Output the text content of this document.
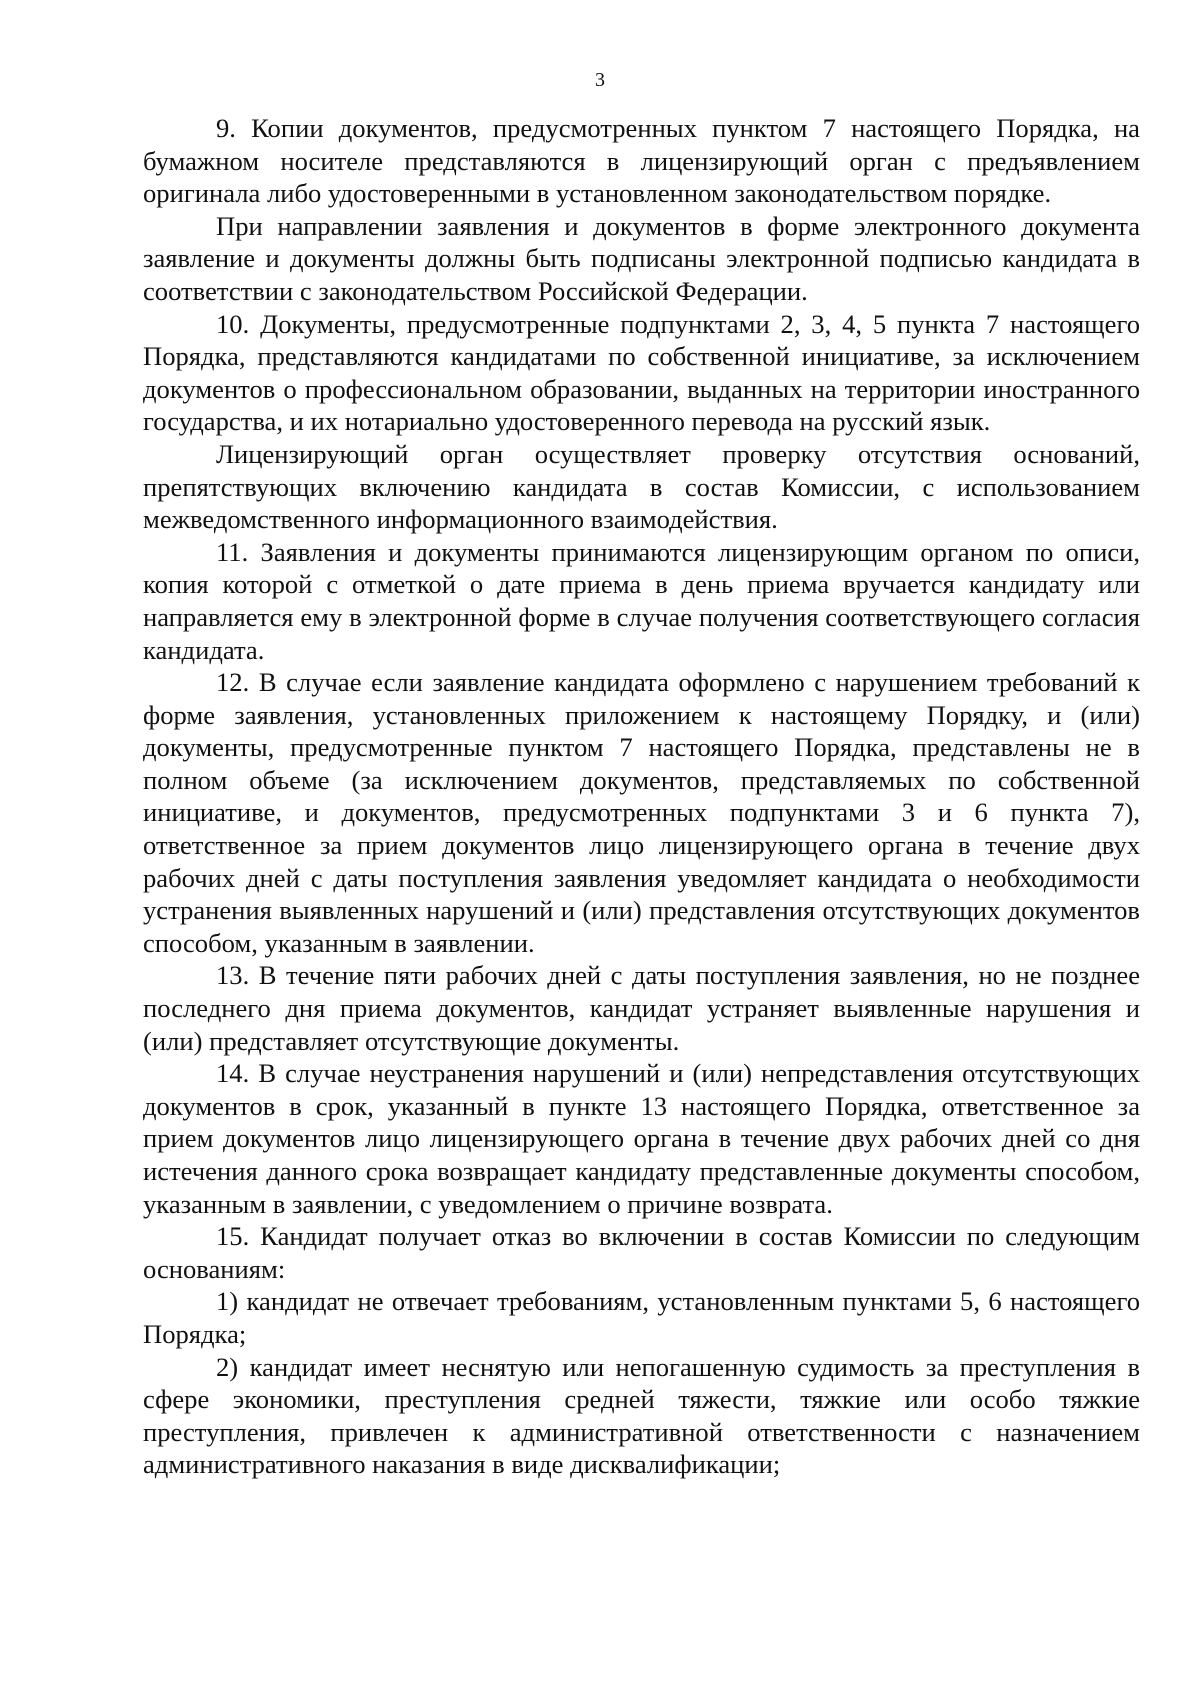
3

9. Копии документов, предусмотренных пунктом 7 настоящего Порядка, на бумажном носителе представляются в лицензирующий орган с предъявлением оригинала либо удостоверенными в установленном законодательством порядке.

При направлении заявления и документов в форме электронного документа заявление и документы должны быть подписаны электронной подписью кандидата в соответствии с законодательством Российской Федерации.

10. Документы, предусмотренные подпунктами 2, 3, 4, 5 пункта 7 настоящего Порядка, представляются кандидатами по собственной инициативе, за исключением документов о профессиональном образовании, выданных на территории иностранного государства, и их нотариально удостоверенного перевода на русский язык.

Лицензирующий орган осуществляет проверку отсутствия оснований, препятствующих включению кандидата в состав Комиссии, с использованием межведомственного информационного взаимодействия.

11. Заявления и документы принимаются лицензирующим органом по описи, копия которой с отметкой о дате приема в день приема вручается кандидату или направляется ему в электронной форме в случае получения соответствующего согласия кандидата.

12. В случае если заявление кандидата оформлено с нарушением требований к форме заявления, установленных приложением к настоящему Порядку, и (или) документы, предусмотренные пунктом 7 настоящего Порядка, представлены не в полном объеме (за исключением документов, представляемых по собственной инициативе, и документов, предусмотренных подпунктами 3 и 6 пункта 7), ответственное за прием документов лицо лицензирующего органа в течение двух рабочих дней с даты поступления заявления уведомляет кандидата о необходимости устранения выявленных нарушений и (или) представления отсутствующих документов способом, указанным в заявлении.

13. В течение пяти рабочих дней с даты поступления заявления, но не позднее последнего дня приема документов, кандидат устраняет выявленные нарушения и (или) представляет отсутствующие документы.

14. В случае неустранения нарушений и (или) непредставления отсутствующих документов в срок, указанный в пункте 13 настоящего Порядка, ответственное за прием документов лицо лицензирующего органа в течение двух рабочих дней со дня истечения данного срока возвращает кандидату представленные документы способом, указанным в заявлении, с уведомлением о причине возврата.

15. Кандидат получает отказ во включении в состав Комиссии по следующим основаниям:

1) кандидат не отвечает требованиям, установленным пунктами 5, 6 настоящего Порядка;

2) кандидат имеет неснятую или непогашенную судимость за преступления в сфере экономики, преступления средней тяжести, тяжкие или особо тяжкие преступления, привлечен к административной ответственности с назначением административного наказания в виде дисквалификации;
